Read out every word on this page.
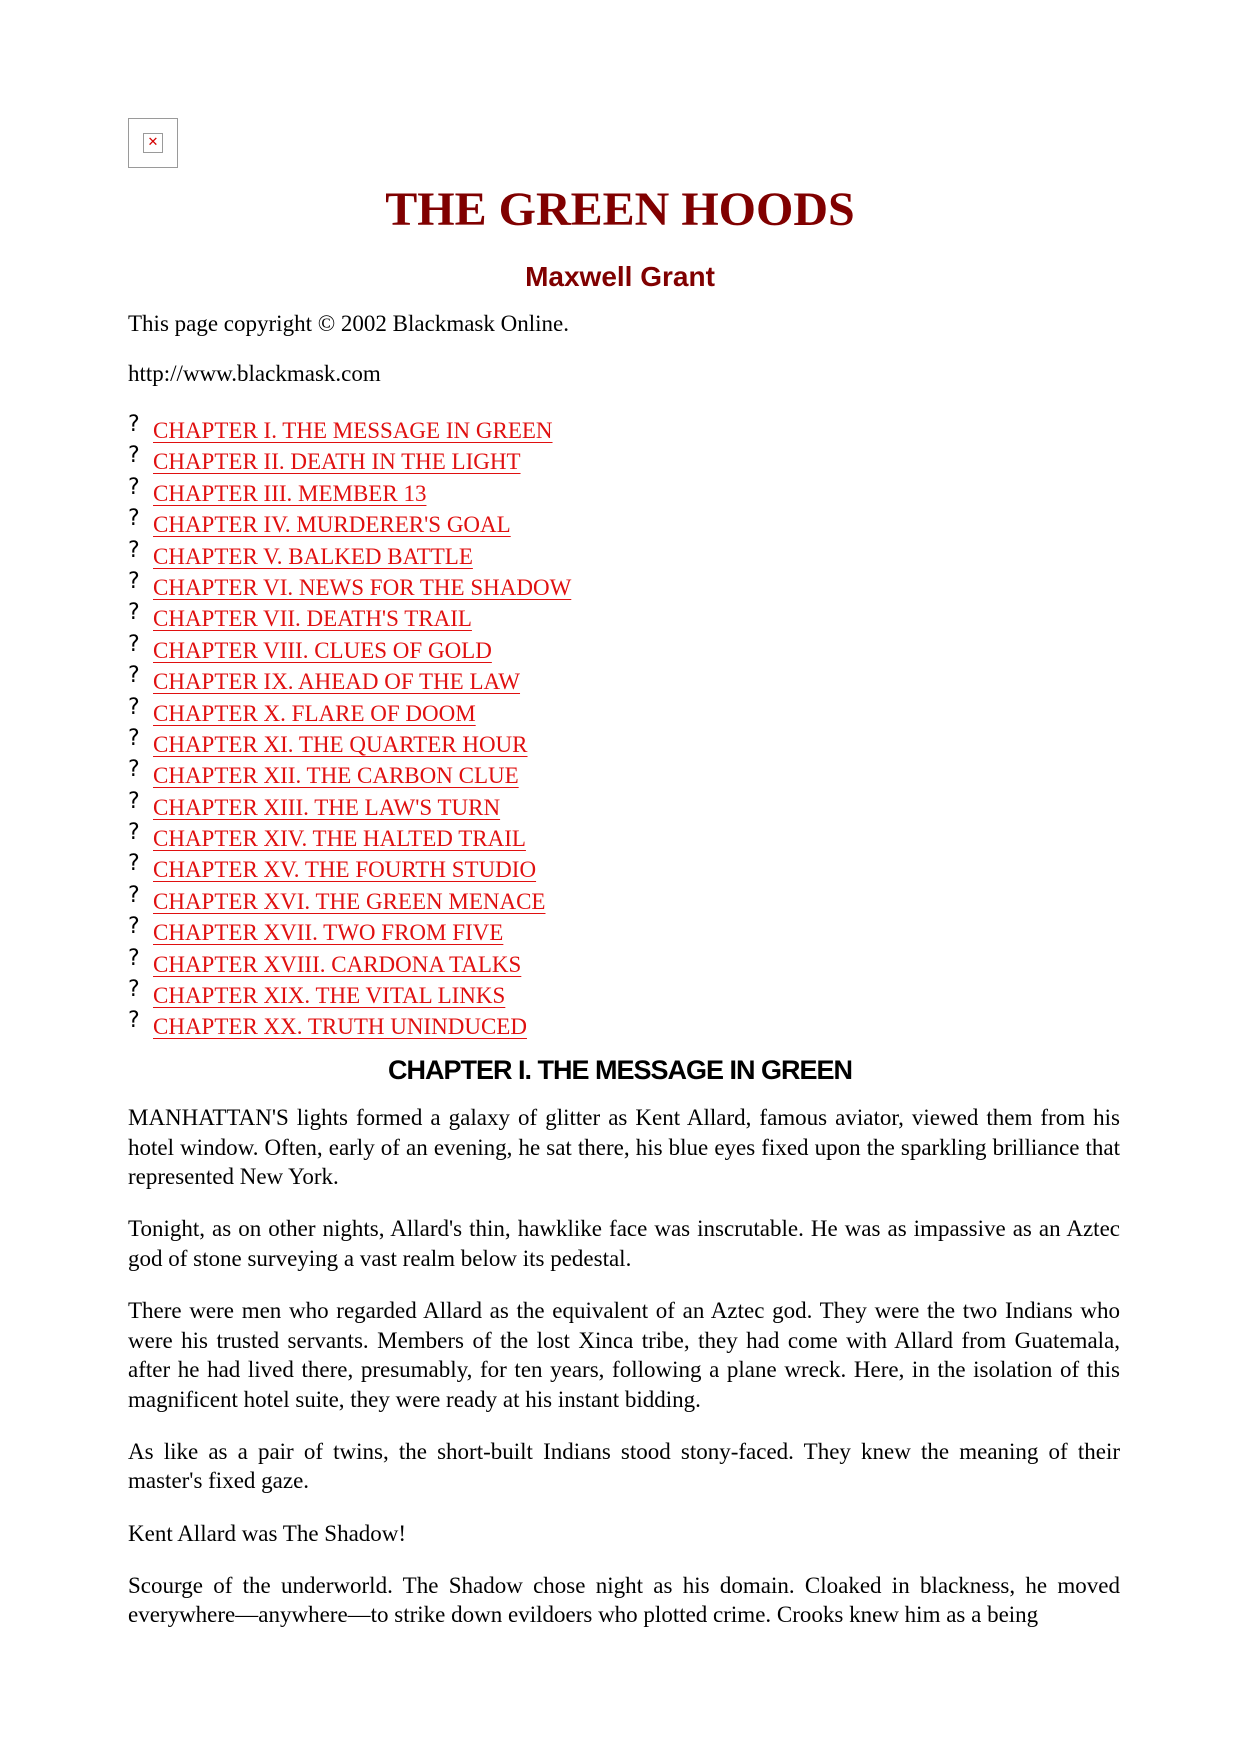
✕
THE GREEN HOODS
Maxwell Grant

This page copyright © 2002 Blackmask Online.

http://www.blackmask.com

? CHAPTER I. THE MESSAGE IN GREEN
? CHAPTER II. DEATH IN THE LIGHT
? CHAPTER III. MEMBER 13
? CHAPTER IV. MURDERER'S GOAL
? CHAPTER V. BALKED BATTLE
? CHAPTER VI. NEWS FOR THE SHADOW
? CHAPTER VII. DEATH'S TRAIL
? CHAPTER VIII. CLUES OF GOLD
? CHAPTER IX. AHEAD OF THE LAW
? CHAPTER X. FLARE OF DOOM
? CHAPTER XI. THE QUARTER HOUR
? CHAPTER XII. THE CARBON CLUE
? CHAPTER XIII. THE LAW'S TURN
? CHAPTER XIV. THE HALTED TRAIL
? CHAPTER XV. THE FOURTH STUDIO
? CHAPTER XVI. THE GREEN MENACE
? CHAPTER XVII. TWO FROM FIVE
? CHAPTER XVIII. CARDONA TALKS
? CHAPTER XIX. THE VITAL LINKS
? CHAPTER XX. TRUTH UNINDUCED
CHAPTER I. THE MESSAGE IN GREEN

MANHATTAN'S lights formed a galaxy of glitter as Kent Allard, famous aviator, viewed them from his hotel window. Often, early of an evening, he sat there, his blue eyes fixed upon the sparkling brilliance that represented New York.

Tonight, as on other nights, Allard's thin, hawklike face was inscrutable. He was as impassive as an Aztec god of stone surveying a vast realm below its pedestal.

There were men who regarded Allard as the equivalent of an Aztec god. They were the two Indians who were his trusted servants. Members of the lost Xinca tribe, they had come with Allard from Guatemala, after he had lived there, presumably, for ten years, following a plane wreck. Here, in the isolation of this magnificent hotel suite, they were ready at his instant bidding.

As like as a pair of twins, the short-built Indians stood stony-faced. They knew the meaning of their master's fixed gaze.

Kent Allard was The Shadow!

Scourge of the underworld. The Shadow chose night as his domain. Cloaked in blackness, he moved everywhere—anywhere—to strike down evildoers who plotted crime. Crooks knew him as a being
